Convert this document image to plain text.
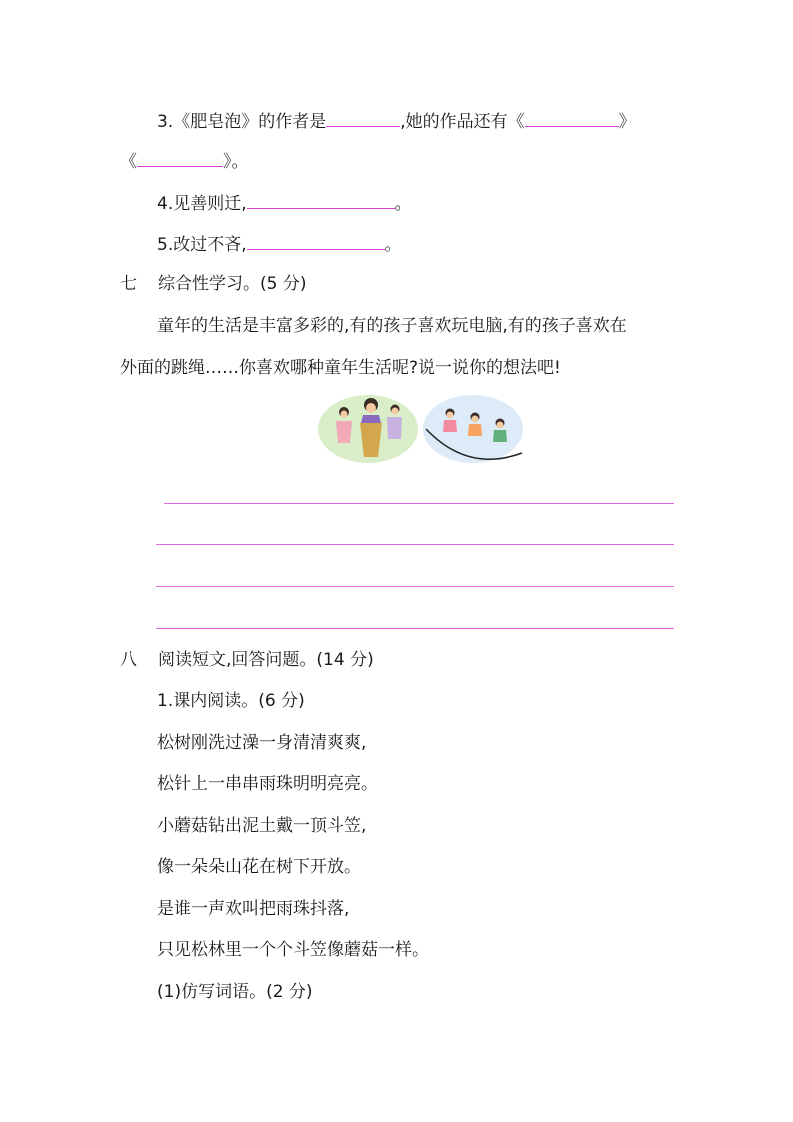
3.《肥皂泡》的作者是	,她的作品还有《	》
《	》。
4.见善则迁,	。
5.改过不吝,	。
七 综合性学习。(5 分)
童年的生活是丰富多彩的,有的孩子喜欢玩电脑,有的孩子喜欢在
外面的跳绳……你喜欢哪种童年生活呢?说一说你的想法吧!
八 阅读短文,回答问题。(14 分)
1.课内阅读。(6 分)
松树刚洗过澡一身清清爽爽,
松针上一串串雨珠明明亮亮。
小蘑菇钻出泥土戴一顶斗笠,
像一朵朵山花在树下开放。
是谁一声欢叫把雨珠抖落,
只见松林里一个个斗笠像蘑菇一样。
(1)仿写词语。(2 分)
